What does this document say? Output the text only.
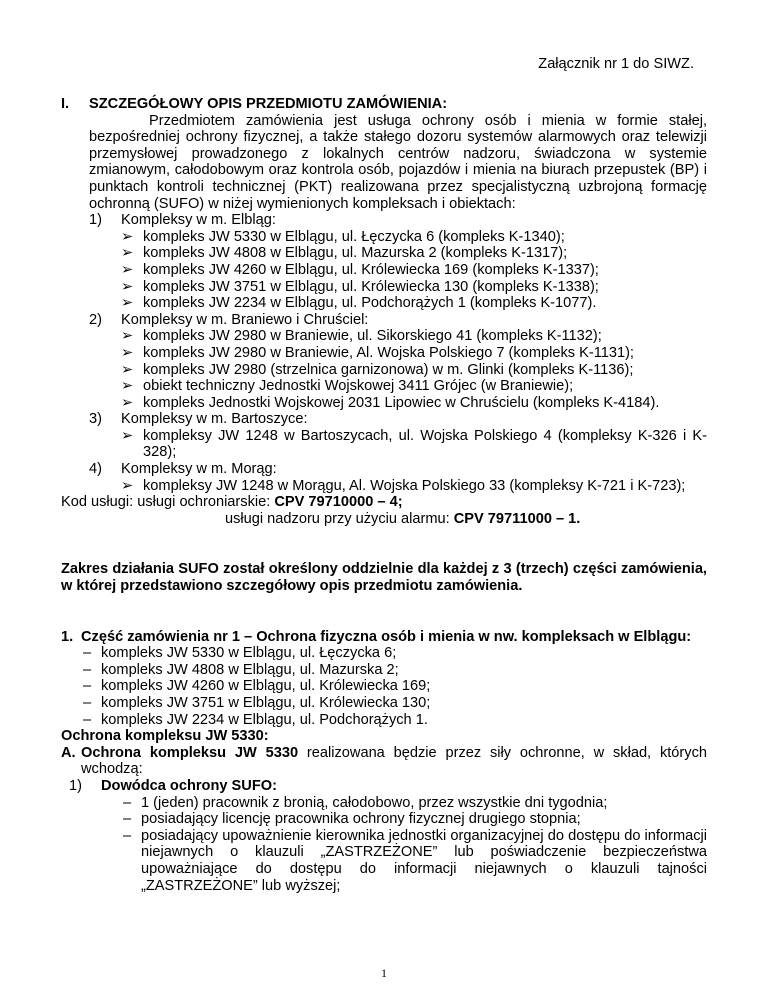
Załącznik nr 1 do SIWZ.

I. SZCZEGÓŁOWY OPIS PRZEDMIOTU ZAMÓWIENIA:

Przedmiotem zamówienia jest usługa ochrony osób i mienia w formie stałej, bezpośredniej ochrony fizycznej, a także stałego dozoru systemów alarmowych oraz telewizji przemysłowej prowadzonego z lokalnych centrów nadzoru, świadczona w systemie zmianowym, całodobowym oraz kontrola osób, pojazdów i mienia na biurach przepustek (BP) i punktach kontroli technicznej (PKT) realizowana przez specjalistyczną uzbrojoną formację ochronną (SUFO) w niżej wymienionych kompleksach i obiektach:

1) Kompleksy w m. Elbląg:

➢ kompleks JW 5330 w Elblągu, ul. Łęczycka 6 (kompleks K-1340);

➢ kompleks JW 4808 w Elblągu, ul. Mazurska 2 (kompleks K-1317);

➢ kompleks JW 4260 w Elblągu, ul. Królewiecka 169 (kompleks K-1337);

➢ kompleks JW 3751 w Elblągu, ul. Królewiecka 130 (kompleks K-1338);

➢ kompleks JW 2234 w Elblągu, ul. Podchorążych 1 (kompleks K-1077).

2) Kompleksy w m. Braniewo i Chruściel:

➢ kompleks JW 2980 w Braniewie, ul. Sikorskiego 41 (kompleks K-1132);

➢ kompleks JW 2980 w Braniewie, Al. Wojska Polskiego 7 (kompleks K-1131);

➢ kompleks JW 2980 (strzelnica garnizonowa) w m. Glinki (kompleks K-1136);

➢ obiekt techniczny Jednostki Wojskowej 3411 Grójec (w Braniewie);

➢ kompleks Jednostki Wojskowej 2031 Lipowiec w Chruścielu (kompleks K-4184).

3) Kompleksy w m. Bartoszyce:

➢ kompleksy JW 1248 w Bartoszycach, ul. Wojska Polskiego 4 (kompleksy K-326 i K-328);

4) Kompleksy w m. Morąg:

➢ kompleksy JW 1248 w Morągu, Al. Wojska Polskiego 33 (kompleksy K-721 i K-723);

Kod usługi: usługi ochroniarskie: CPV 79710000 – 4;

usługi nadzoru przy użyciu alarmu: CPV 79711000 – 1.

Zakres działania SUFO został określony oddzielnie dla każdej z 3 (trzech) części zamówienia, w której przedstawiono szczegółowy opis przedmiotu zamówienia.

1. Część zamówienia nr 1 – Ochrona fizyczna osób i mienia w nw. kompleksach w Elblągu:

– kompleks JW 5330 w Elblągu, ul. Łęczycka 6;

– kompleks JW 4808 w Elblągu, ul. Mazurska 2;

– kompleks JW 4260 w Elblągu, ul. Królewiecka 169;

– kompleks JW 3751 w Elblągu, ul. Królewiecka 130;

– kompleks JW 2234 w Elblągu, ul. Podchorążych 1.

Ochrona kompleksu JW 5330:

A. Ochrona kompleksu JW 5330 realizowana będzie przez siły ochronne, w skład, których wchodzą:

1) Dowódca ochrony SUFO:

– 1 (jeden) pracownik z bronią, całodobowo, przez wszystkie dni tygodnia;

– posiadający licencję pracownika ochrony fizycznej drugiego stopnia;

– posiadający upoważnienie kierownika jednostki organizacyjnej do dostępu do informacji niejawnych o klauzuli „ZASTRZEŻONE” lub poświadczenie bezpieczeństwa upoważniające do dostępu do informacji niejawnych o klauzuli tajności „ZASTRZEŻONE” lub wyższej;

1
